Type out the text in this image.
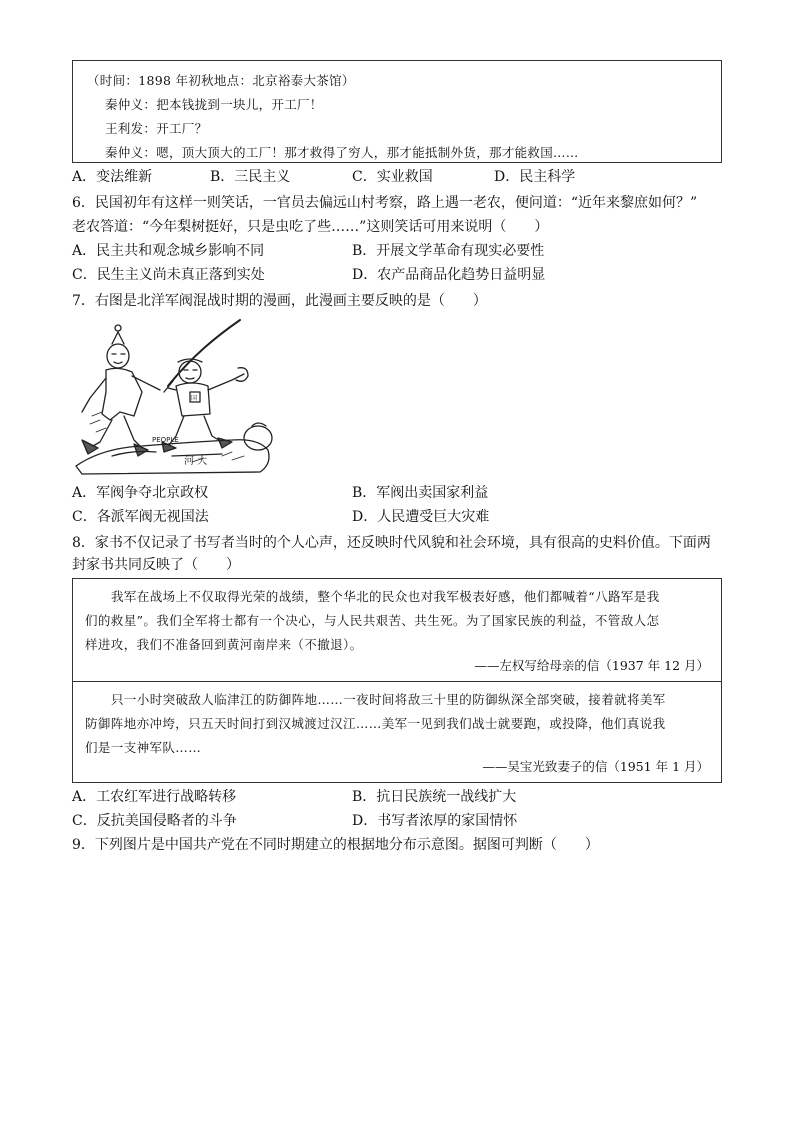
（时间：1898 年初秋地点：北京裕泰大茶馆）
秦仲义：把本钱拢到一块儿，开工厂！
王利发：开工厂？
秦仲义：嗯，顶大顶大的工厂！那才救得了穷人，那才能抵制外货，那才能救国……
A．变法维新	B．三民主义	C．实业救国	D．民主科学
6．民国初年有这样一则笑话，一官员去偏远山村考察，路上遇一老农，便问道：“近年来黎庶如何？”
老农答道：“今年梨树挺好，只是虫吃了些……”这则笑话可用来说明（　　）
A．民主共和观念城乡影响不同	B．开展文学革命有现实必要性
C．民生主义尚未真正落到实处	D．农产品商品化趋势日益明显
7．右图是北洋军阀混战时期的漫画，此漫画主要反映的是（　　）
PEOPLE
河 大
国
A．军阀争夺北京政权	B．军阀出卖国家利益
C．各派军阀无视国法	D．人民遭受巨大灾难
8．家书不仅记录了书写者当时的个人心声，还反映时代风貌和社会环境，具有很高的史料价值。下面两
封家书共同反映了（　　）

我军在战场上不仅取得光荣的战绩，整个华北的民众也对我军极表好感，他们都喊着“八路军是我

们的救星”。我们全军将士都有一个决心，与人民共艰苦、共生死。为了国家民族的利益，不管敌人怎

样进攻，我们不准备回到黄河南岸来（不撤退）。

——左权写给母亲的信（1937 年 12 月）

只一小时突破敌人临津江的防御阵地……一夜时间将敌三十里的防御纵深全部突破，接着就将美军

防御阵地亦冲垮，只五天时间打到汉城渡过汉江……美军一见到我们战士就要跑，或投降，他们真说我

们是一支神军队……

——吴宝光致妻子的信（1951 年 1 月）
A．工农红军进行战略转移	B．抗日民族统一战线扩大
C．反抗美国侵略者的斗争	D．书写者浓厚的家国情怀
9．下列图片是中国共产党在不同时期建立的根据地分布示意图。据图可判断（　　）
